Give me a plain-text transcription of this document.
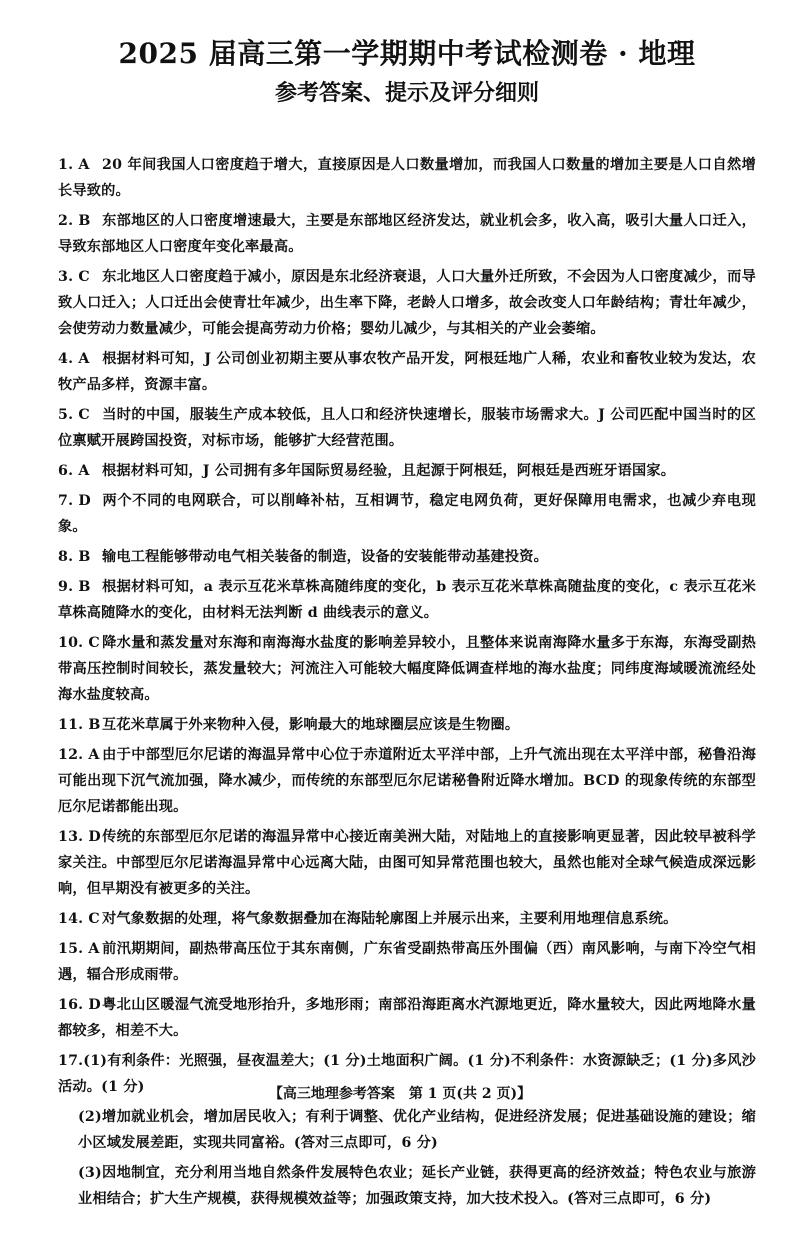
2025 届高三第一学期期中考试检测卷 · 地理
参考答案、提示及评分细则

1. A 20 年间我国人口密度趋于增大，直接原因是人口数量增加，而我国人口数量的增加主要是人口自然增长导致的。

2. B 东部地区的人口密度增速最大，主要是东部地区经济发达，就业机会多，收入高，吸引大量人口迁入，导致东部地区人口密度年变化率最高。

3. C 东北地区人口密度趋于减小，原因是东北经济衰退，人口大量外迁所致，不会因为人口密度减少，而导致人口迁入；人口迁出会使青壮年减少，出生率下降，老龄人口增多，故会改变人口年龄结构；青壮年减少，会使劳动力数量减少，可能会提高劳动力价格；婴幼儿减少，与其相关的产业会萎缩。

4. A 根据材料可知，J 公司创业初期主要从事农牧产品开发，阿根廷地广人稀，农业和畜牧业较为发达，农牧产品多样，资源丰富。

5. C 当时的中国，服装生产成本较低，且人口和经济快速增长，服装市场需求大。J 公司匹配中国当时的区位禀赋开展跨国投资，对标市场，能够扩大经营范围。

6. A 根据材料可知，J 公司拥有多年国际贸易经验，且起源于阿根廷，阿根廷是西班牙语国家。

7. D 两个不同的电网联合，可以削峰补枯，互相调节，稳定电网负荷，更好保障用电需求，也减少弃电现象。

8. B 输电工程能够带动电气相关装备的制造，设备的安装能带动基建投资。

9. B 根据材料可知，a 表示互花米草株高随纬度的变化，b 表示互花米草株高随盐度的变化，c 表示互花米草株高随降水的变化，由材料无法判断 d 曲线表示的意义。

10. C 降水量和蒸发量对东海和南海海水盐度的影响差异较小，且整体来说南海降水量多于东海，东海受副热带高压控制时间较长，蒸发量较大；河流注入可能较大幅度降低调查样地的海水盐度；同纬度海域暖流流经处海水盐度较高。

11. B互花米草属于外来物种入侵，影响最大的地球圈层应该是生物圈。

12. A 由于中部型厄尔尼诺的海温异常中心位于赤道附近太平洋中部，上升气流出现在太平洋中部，秘鲁沿海可能出现下沉气流加强，降水减少，而传统的东部型厄尔尼诺秘鲁附近降水增加。BCD 的现象传统的东部型厄尔尼诺都能出现。

13. D传统的东部型厄尔尼诺的海温异常中心接近南美洲大陆，对陆地上的直接影响更显著，因此较早被科学家关注。中部型厄尔尼诺海温异常中心远离大陆，由图可知异常范围也较大，虽然也能对全球气候造成深远影响，但早期没有被更多的关注。

14. C 对气象数据的处理，将气象数据叠加在海陆轮廓图上并展示出来，主要利用地理信息系统。

15. A 前汛期期间，副热带高压位于其东南侧，广东省受副热带高压外围偏（西）南风影响，与南下冷空气相遇，辐合形成雨带。

16. D粤北山区暖湿气流受地形抬升，多地形雨；南部沿海距离水汽源地更近，降水量较大，因此两地降水量都较多，相差不大。

17.(1)有利条件：光照强，昼夜温差大；(1 分)土地面积广阔。(1 分)不利条件：水资源缺乏；(1 分)多风沙活动。(1 分)

(2)增加就业机会，增加居民收入；有利于调整、优化产业结构，促进经济发展；促进基础设施的建设；缩小区域发展差距，实现共同富裕。(答对三点即可，6 分)

(3)因地制宜，充分利用当地自然条件发展特色农业；延长产业链，获得更高的经济效益；特色农业与旅游业相结合；扩大生产规模，获得规模效益等；加强政策支持，加大技术投入。(答对三点即可，6 分)

【高三地理参考答案　第 1 页(共 2 页)】
